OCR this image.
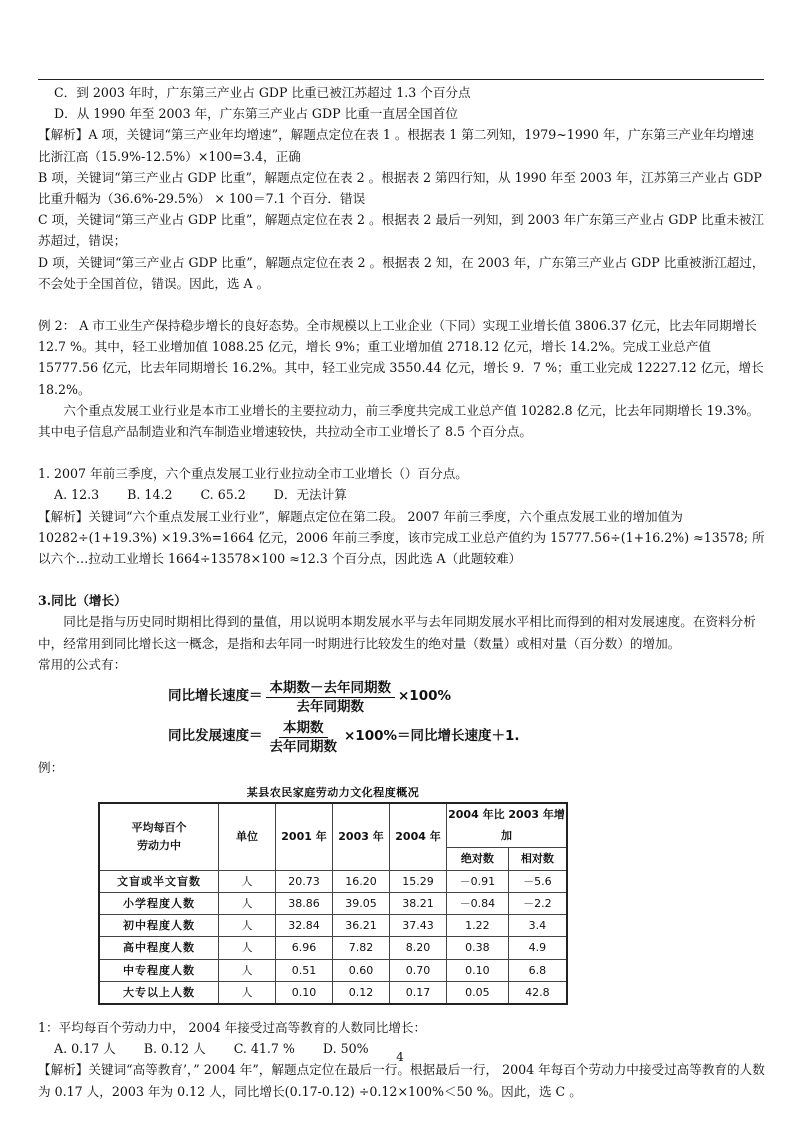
C．到 2003 年时，广东第三产业占 GDP 比重已被江苏超过 1.3 个百分点

D．从 1990 年至 2003 年，广东第三产业占 GDP 比重一直居全国首位

【解析】A 项，关键词“第三产业年均增速”，解题点定位在表 1 。根据表 1 第二列知，1979~1990 年，广东第三产业年均增速比浙江高（15.9%-12.5%）×100=3.4，正确

B 项，关键词“第三产业占 GDP 比重”，解题点定位在表 2 。根据表 2 第四行知，从 1990 年至 2003 年，江苏第三产业占 GDP 比重升幅为（36.6%-29.5%） × 100＝7.1 个百分．错误

C 项，关键词“第三产业占 GDP 比重”，解题点定位在表 2 。根据表 2 最后一列知，到 2003 年广东第三产业占 GDP 比重未被江苏超过，错误；

D 项，关键词“第三产业占 GDP 比重”，解题点定位在表 2 。根据表 2 知，在 2003 年，广东第三产业占 GDP 比重被浙江超过，不会处于全国首位，错误。因此，选 A 。

例 2： A 市工业生产保持稳步增长的良好态势。全市规模以上工业企业（下同）实现工业增长值 3806.37 亿元，比去年同期增长 12.7 %。其中，轻工业增加值 1088.25 亿元，增长 9%；重工业增加值 2718.12 亿元，增长 14.2%。完成工业总产值 15777.56 亿元，比去年同期增长 16.2%。其中，轻工业完成 3550.44 亿元，增长 9．7 %；重工业完成 12227.12 亿元，增长 18.2%。

六个重点发展工业行业是本市工业增长的主要拉动力，前三季度共完成工业总产值 10282.8 亿元，比去年同期增长 19.3%。其中电子信息产品制造业和汽车制造业增速较快，共拉动全市工业增长了 8.5 个百分点。

1. 2007 年前三季度，六个重点发展工业行业拉动全市工业增长（）百分点。

A. 12.3 B. 14.2 C. 65.2 D．无法计算

【解析】关键词“六个重点发展工业行业”，解题点定位在第二段。 2007 年前三季度，六个重点发展工业的增加值为 10282÷(1+19.3%) ×19.3%=1664 亿元，2006 年前三季度，该市完成工业总产值约为 15777.56÷(1+16.2%) ≈13578; 所以六个…拉动工业增长 1664÷13578×100 ≈12.3 个百分点，因此选 A（此题较难）

3.同比（增长）

同比是指与历史同时期相比得到的量值，用以说明本期发展水平与去年同期发展水平相比而得到的相对发展速度。在资料分析中，经常用到同比增长这一概念，是指和去年同一时期进行比较发生的绝对量（数量）或相对量（百分数）的增加。

常用的公式有：

同比增长速度＝ $\frac{\text{本期数－去年同期数}}{\text{去年同期数}} \times 100\%$
同比发展速度＝ $\frac{\text{本期数}}{\text{去年同期数}} \times 100\%=$同比增长速度＋1.

例：

某县农民家庭劳动力文化程度概况
平均每百个
劳动力中	单位	2001 年	2003 年	2004 年	2004 年比 2003 年增加	
					绝对数	相对数
文盲或半文盲数	人	20.73	16.20	15.29	－0.91	－5.6
小学程度人数	人	38.86	39.05	38.21	－0.84	－2.2
初中程度人数	人	32.84	36.21	37.43	1.22	3.4
高中程度人数	人	6.96	7.82	8.20	0.38	4.9
中专程度人数	人	0.51	0.60	0.70	0.10	6.8
大专以上人数	人	0.10	0.12	0.17	0.05	42.8

1：平均每百个劳动力中， 2004 年接受过高等教育的人数同比增长：

A. 0.17 人 B. 0.12 人 C. 41.7 % D. 50%

【解析】关键词“高等教育’，” 2004 年”，解题点定位在最后一行。根据最后一行， 2004 年每百个劳动力中接受过高等教育的人数为 0.17 人，2003 年为 0.12 人，同比增长(0.17-0.12) ÷0.12×100%＜50 %。因此，选 C 。

4
